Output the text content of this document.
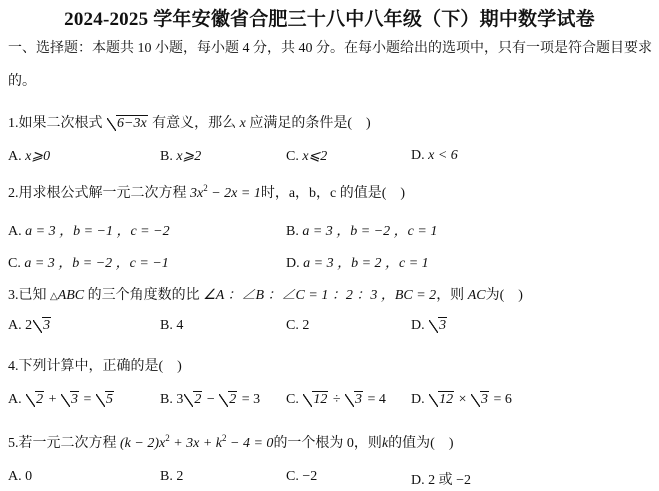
2024-2025 学年安徽省合肥三十八中八年级（下）期中数学试卷
一、选择题：本题共 10 小题，每小题 4 分，共 40 分。在每小题给出的选项中，只有一项是符合题目要求
的。
1.如果二次根式 6−3x 有意义，那么 x 应满足的条件是(　)
A. x⩾0	B. x⩾2	C. x⩽2	D. x < 6
2.用求根公式解一元二次方程 $3x^2 - 2x = 1$时，a，b，c 的值是(　)
A. a = 3 ，b = −1 ，c = −2	B. a = 3 ，b = −2 ，c = 1
C. a = 3 ，b = −2 ，c = −1	D. a = 3 ，b = 2 ，c = 1
3.已知 △ABC 的三个角度数的比 ∠A ：∠B ：∠C = 1 ：2 ：3 ，BC = 2，则 AC为(　)
A. 2 3	B. 4	C. 2	D. 3
4.下列计算中，正确的是(　)
A. 2 + 3 = 5	B. 3 2 − 2 = 3 C. 12 ÷ 3 = 4 D. 12 × 3 = 6
5.若一元二次方程 $(k - 2)x^2 + 3x + k^2 - 4 = 0$的一个根为 0，则k的值为(　)
A. 0	B. 2	C. −2	D. 2 或 −2
